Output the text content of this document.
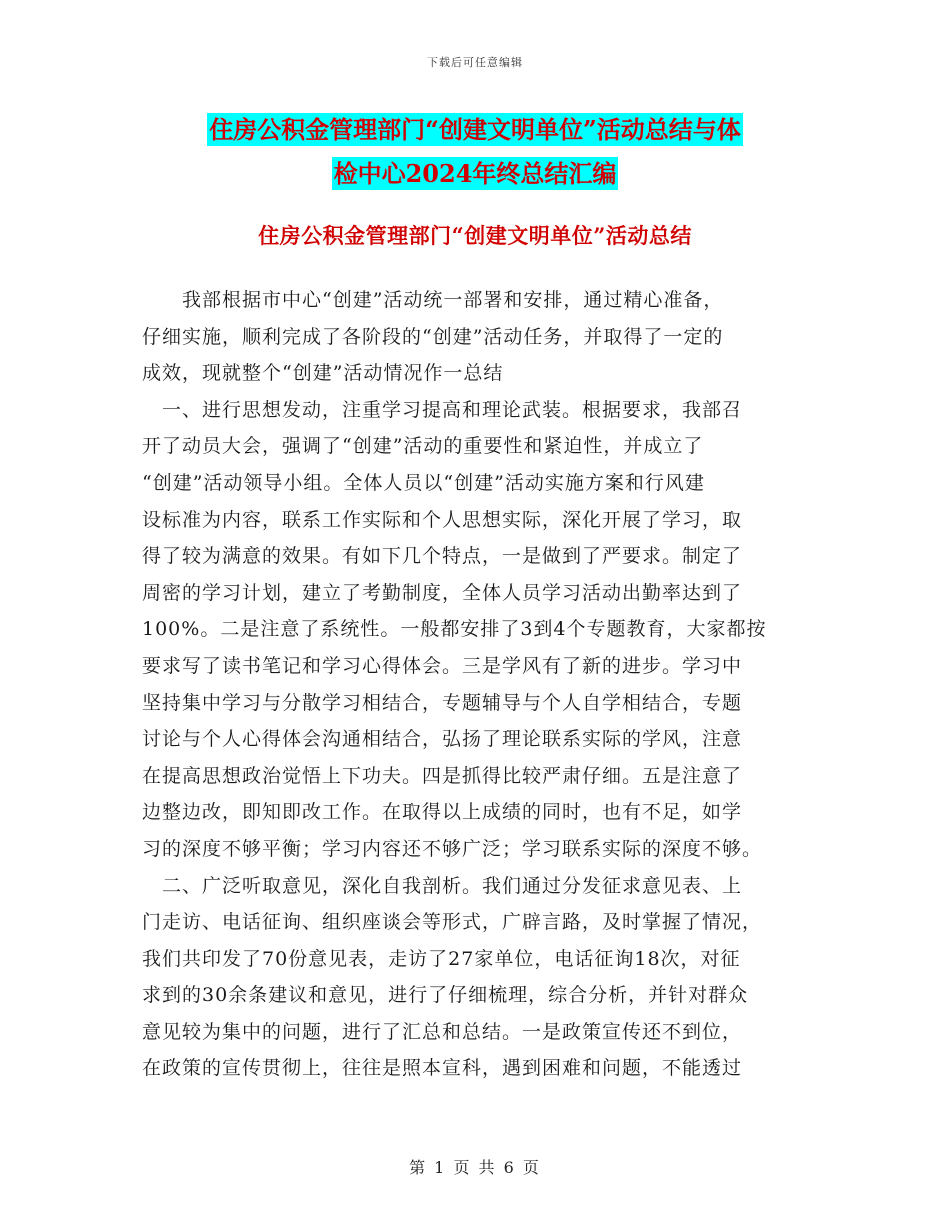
下载后可任意编辑
住房公积金管理部门“创建文明单位”活动总结与体
检中心2024年终总结汇编
住房公积金管理部门“创建文明单位”活动总结
　　我部根据市中心“创建”活动统一部署和安排，通过精心准备，
仔细实施，顺利完成了各阶段的“创建”活动任务，并取得了一定的
成效，现就整个“创建”活动情况作一总结
　一、进行思想发动，注重学习提高和理论武装。根据要求，我部召
开了动员大会，强调了“创建”活动的重要性和紧迫性，并成立了
“创建”活动领导小组。全体人员以“创建”活动实施方案和行风建
设标准为内容，联系工作实际和个人思想实际，深化开展了学习，取
得了较为满意的效果。有如下几个特点，一是做到了严要求。制定了
周密的学习计划，建立了考勤制度，全体人员学习活动出勤率达到了
100%。二是注意了系统性。一般都安排了3到4个专题教育，大家都按
要求写了读书笔记和学习心得体会。三是学风有了新的进步。学习中
坚持集中学习与分散学习相结合，专题辅导与个人自学相结合，专题
讨论与个人心得体会沟通相结合，弘扬了理论联系实际的学风，注意
在提高思想政治觉悟上下功夫。四是抓得比较严肃仔细。五是注意了
边整边改，即知即改工作。在取得以上成绩的同时，也有不足，如学
习的深度不够平衡；学习内容还不够广泛；学习联系实际的深度不够。
　二、广泛听取意见，深化自我剖析。我们通过分发征求意见表、上
门走访、电话征询、组织座谈会等形式，广辟言路，及时掌握了情况，
我们共印发了70份意见表，走访了27家单位，电话征询18次，对征
求到的30余条建议和意见，进行了仔细梳理，综合分析，并针对群众
意见较为集中的问题，进行了汇总和总结。一是政策宣传还不到位，
在政策的宣传贯彻上，往往是照本宣科，遇到困难和问题，不能透过
第 1 页 共 6 页
